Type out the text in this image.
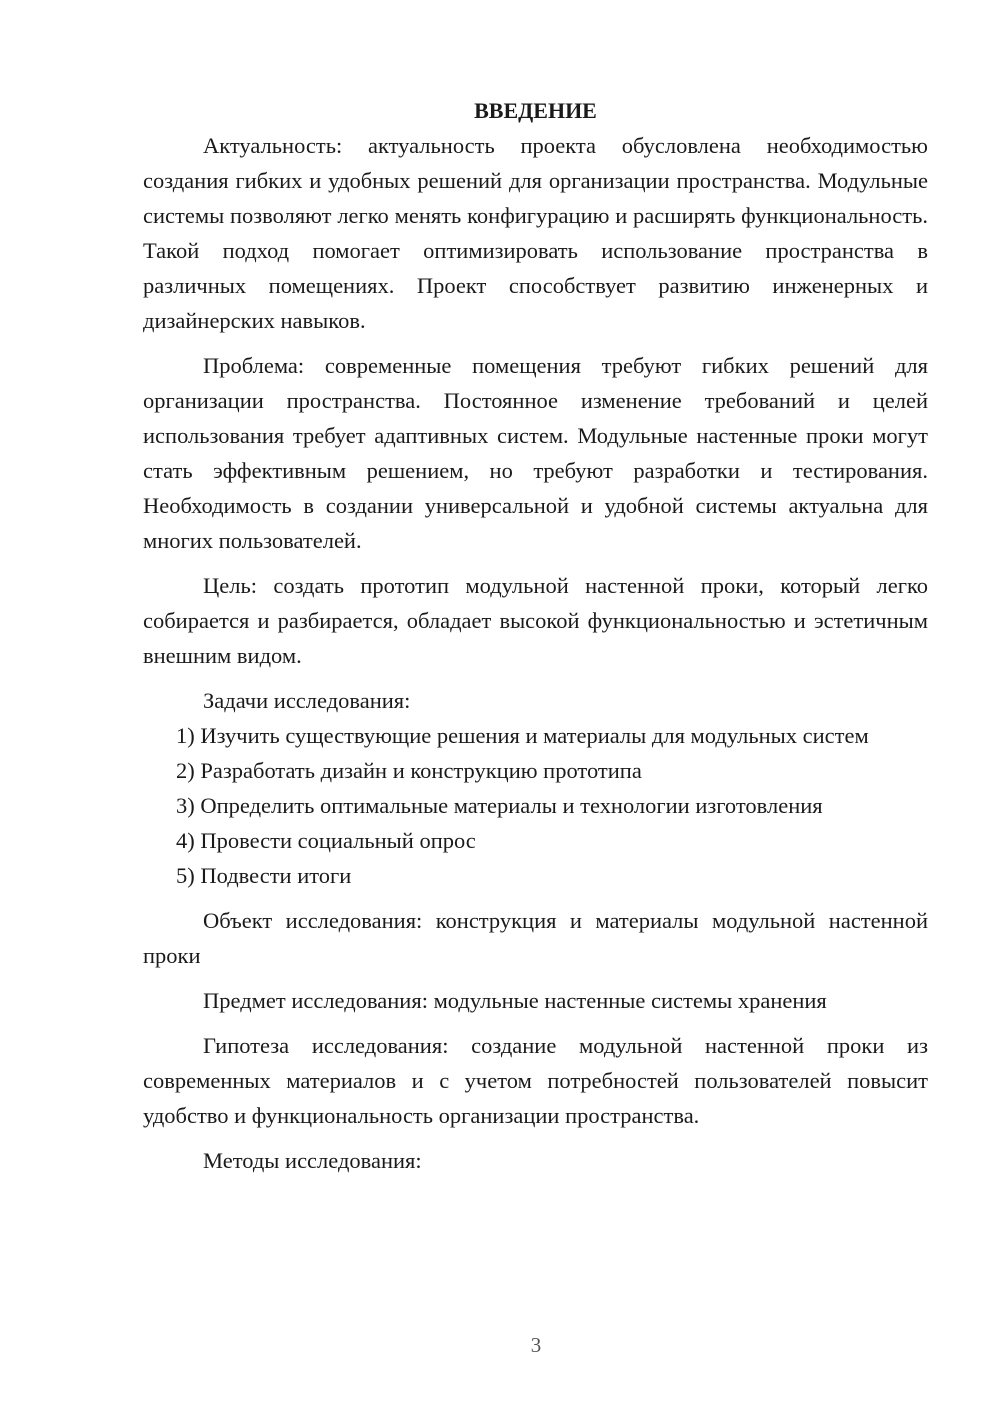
ВВЕДЕНИЕ

Актуальность: актуальность проекта обусловлена необходимостью создания гибких и удобных решений для организации пространства. Модульные системы позволяют легко менять конфигурацию и расширять функциональность. Такой подход помогает оптимизировать использование пространства в различных помещениях. Проект способствует развитию инженерных и дизайнерских навыков.

Проблема: современные помещения требуют гибких решений для организации пространства. Постоянное изменение требований и целей использования требует адаптивных систем. Модульные настенные проки могут стать эффективным решением, но требуют разработки и тестирования. Необходимость в создании универсальной и удобной системы актуальна для многих пользователей.

Цель: создать прототип модульной настенной проки, который легко собирается и разбирается, обладает высокой функциональностью и эстетичным внешним видом.

Задачи исследования:

1) Изучить существующие решения и материалы для модульных систем

2) Разработать дизайн и конструкцию прототипа

3) Определить оптимальные материалы и технологии изготовления

4) Провести социальный опрос

5) Подвести итоги

Объект исследования: конструкция и материалы модульной настенной проки

Предмет исследования: модульные настенные системы хранения

Гипотеза исследования: создание модульной настенной проки из современных материалов и с учетом потребностей пользователей повысит удобство и функциональность организации пространства.

Методы исследования:

3
